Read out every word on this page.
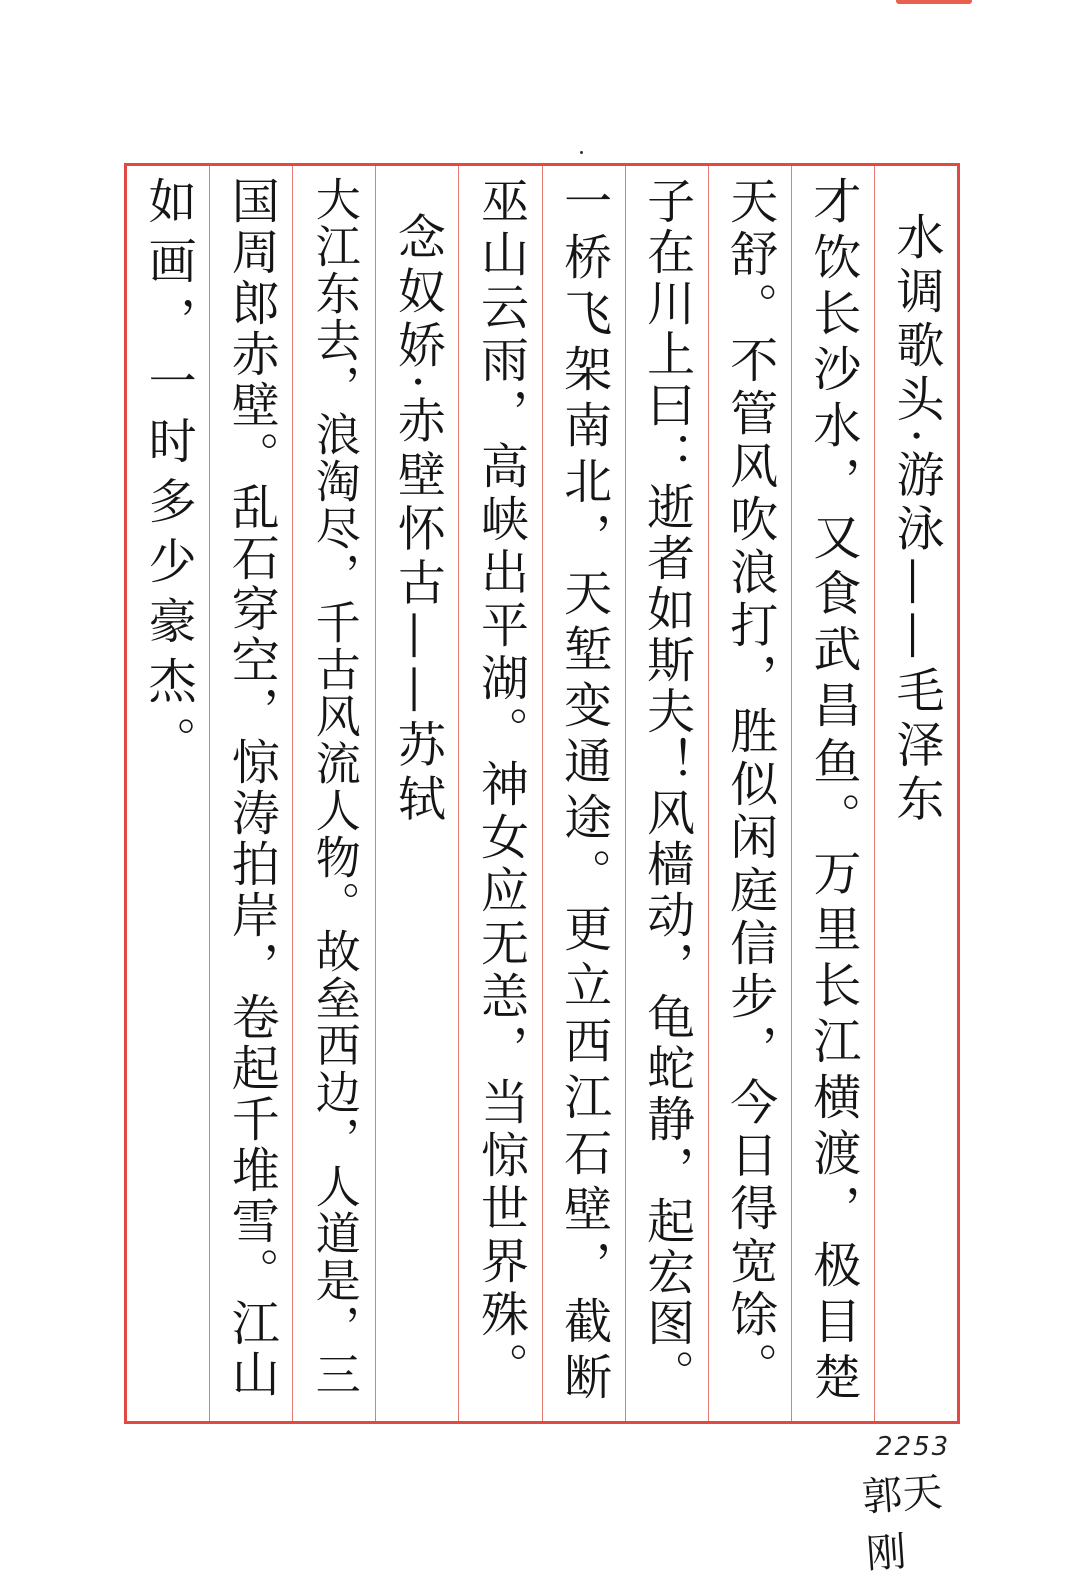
水调歌头·游泳——毛泽东
才饮长沙水，又食武昌鱼。万里长江横渡，极目楚
天舒。不管风吹浪打，胜似闲庭信步，今日得宽馀。
子在川上曰：逝者如斯夫！风樯动，龟蛇静，起宏图。
一桥飞架南北，天堑变通途。更立西江石壁，截断
巫山云雨，高峡出平湖。神女应无恙，当惊世界殊。
念奴娇·赤壁怀古——苏轼
大江东去，浪淘尽，千古风流人物。故垒西边，人道是，三
国周郎赤壁。乱石穿空，惊涛拍岸，卷起千堆雪。江山
如画，一时多少豪杰。
2253
郭天刚
